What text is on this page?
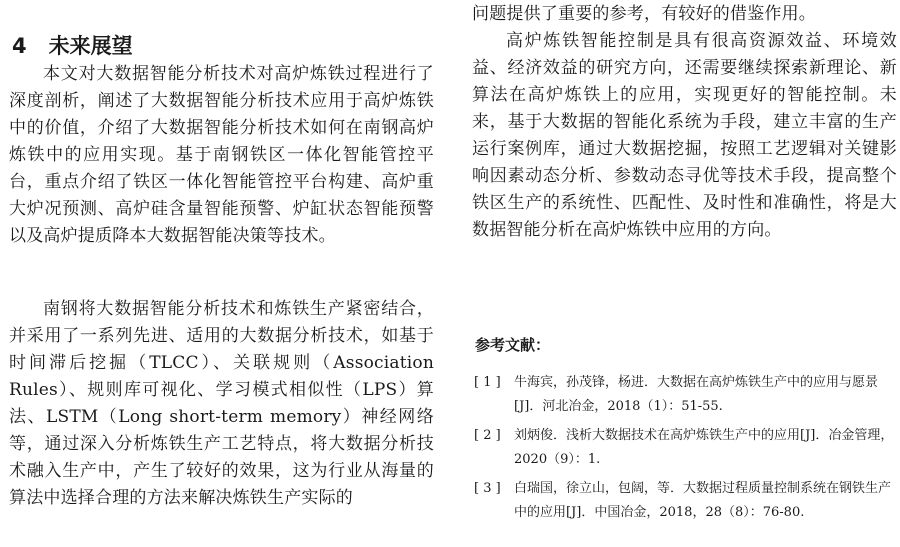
4 未来展望

本文对大数据智能分析技术对高炉炼铁过程进行了深度剖析，阐述了大数据智能分析技术应用于高炉炼铁中的价值，介绍了大数据智能分析技术如何在南钢高炉炼铁中的应用实现。基于南钢铁区一体化智能管控平台，重点介绍了铁区一体化智能管控平台构建、高炉重大炉况预测、高炉硅含量智能预警、炉缸状态智能预警以及高炉提质降本大数据智能决策等技术。

南钢将大数据智能分析技术和炼铁生产紧密结合，并采用了一系列先进、适用的大数据分析技术，如基于时间滞后挖掘（TLCC）、关联规则（Association Rules）、规则库可视化、学习模式相似性（LPS）算法、LSTM（Long short-term memory）神经网络等，通过深入分析炼铁生产工艺特点，将大数据分析技术融入生产中，产生了较好的效果，这为行业从海量的算法中选择合理的方法来解决炼铁生产实际的

问题提供了重要的参考，有较好的借鉴作用。

高炉炼铁智能控制是具有很高资源效益、环境效益、经济效益的研究方向，还需要继续探索新理论、新算法在高炉炼铁上的应用，实现更好的智能控制。未来，基于大数据的智能化系统为手段，建立丰富的生产运行案例库，通过大数据挖掘，按照工艺逻辑对关键影响因素动态分析、参数动态寻优等技术手段，提高整个铁区生产的系统性、匹配性、及时性和准确性，将是大数据智能分析在高炉炼铁中应用的方向。

参考文献：
[ 1 ] 牛海宾，孙茂锋，杨进．大数据在高炉炼铁生产中的应用与愿景[J]．河北冶金，2018（1）：51-55.
[ 2 ] 刘炳俊．浅析大数据技术在高炉炼铁生产中的应用[J]．冶金管理，2020（9）：1.
[ 3 ] 白瑞国，徐立山，包阔，等．大数据过程质量控制系统在钢铁生产中的应用[J]．中国冶金，2018，28（8）：76-80.
